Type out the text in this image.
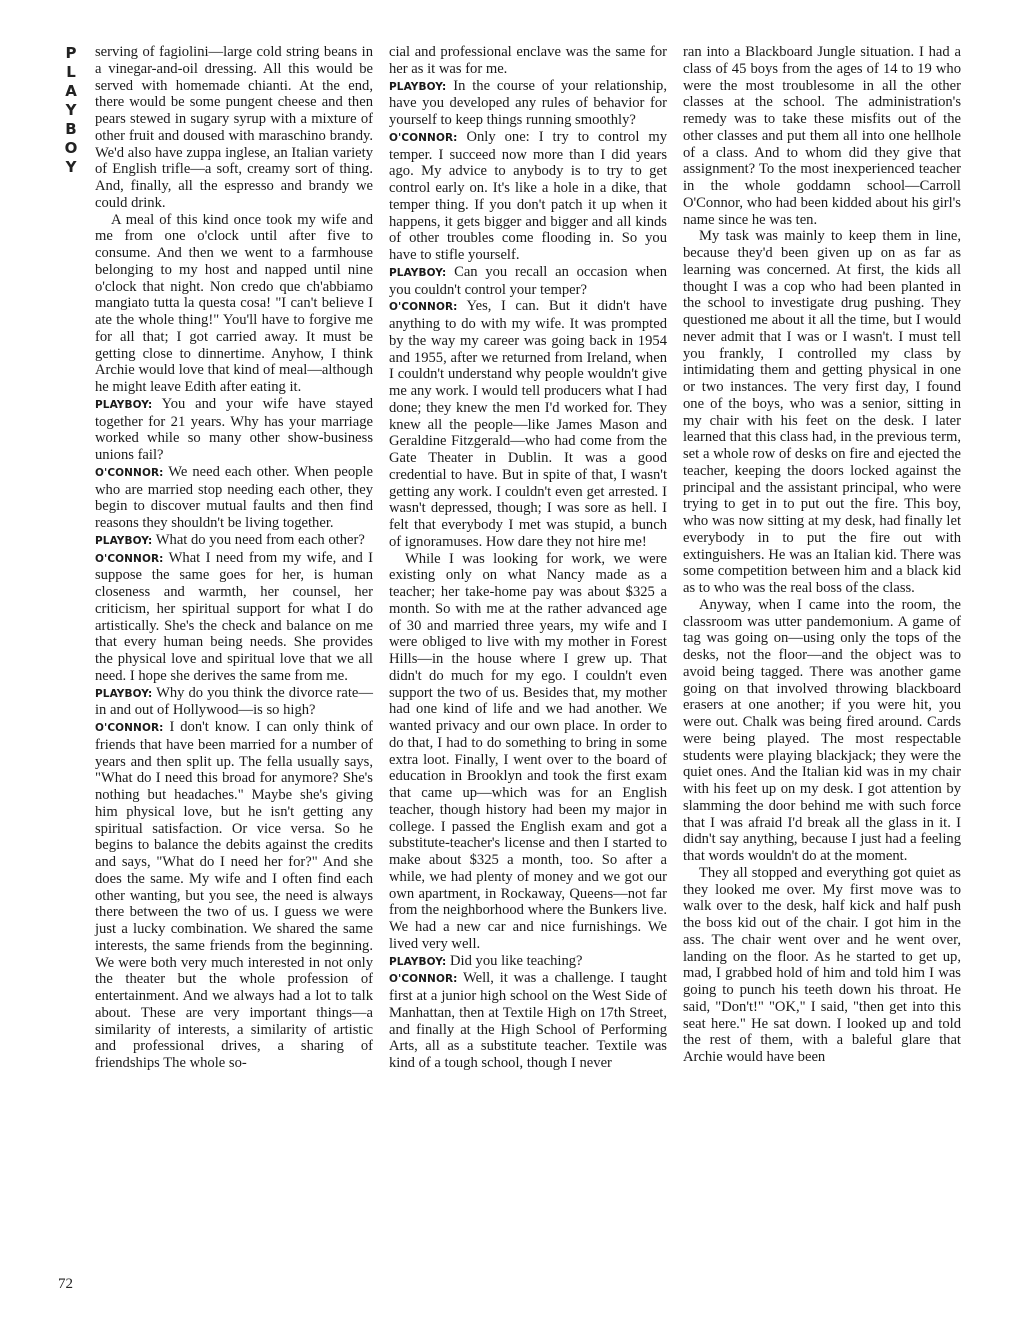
P
L
A
Y
B
O
Y
72

serving of fagiolini—large cold string beans in a vinegar-and-oil dressing. All this would be served with homemade chianti. At the end, there would be some pungent cheese and then pears stewed in sugary syrup with a mixture of other fruit and doused with maraschino brandy. We'd also have zuppa inglese, an Italian variety of English trifle—a soft, creamy sort of thing. And, finally, all the espresso and brandy we could drink.

A meal of this kind once took my wife and me from one o'clock until after five to consume. And then we went to a farmhouse belonging to my host and napped until nine o'clock that night. Non credo que ch'abbiamo mangiato tutta la questa cosa! "I can't believe I ate the whole thing!" You'll have to forgive me for all that; I got carried away. It must be getting close to dinnertime. Anyhow, I think Archie would love that kind of meal—although he might leave Edith after eating it.

PLAYBOY: You and your wife have stayed together for 21 years. Why has your marriage worked while so many other show-business unions fail?

O'CONNOR: We need each other. When people who are married stop needing each other, they begin to discover mutual faults and then find reasons they shouldn't be living together.

PLAYBOY: What do you need from each other?

O'CONNOR: What I need from my wife, and I suppose the same goes for her, is human closeness and warmth, her counsel, her criticism, her spiritual support for what I do artistically. She's the check and balance on me that every human being needs. She provides the physical love and spiritual love that we all need. I hope she derives the same from me.

PLAYBOY: Why do you think the divorce rate—in and out of Hollywood—is so high?

O'CONNOR: I don't know. I can only think of friends that have been married for a number of years and then split up. The fella usually says, "What do I need this broad for anymore? She's nothing but headaches." Maybe she's giving him physical love, but he isn't getting any spiritual satisfaction. Or vice versa. So he begins to balance the debits against the credits and says, "What do I need her for?" And she does the same. My wife and I often find each other wanting, but you see, the need is always there between the two of us. I guess we were just a lucky combination. We shared the same interests, the same friends from the beginning. We were both very much interested in not only the theater but the whole profession of entertainment. And we always had a lot to talk about. These are very important things—a similarity of interests, a similarity of artistic and professional drives, a sharing of friendships The whole so-

cial and professional enclave was the same for her as it was for me.

PLAYBOY: In the course of your relationship, have you developed any rules of behavior for yourself to keep things running smoothly?

O'CONNOR: Only one: I try to control my temper. I succeed now more than I did years ago. My advice to anybody is to try to get control early on. It's like a hole in a dike, that temper thing. If you don't patch it up when it happens, it gets bigger and bigger and all kinds of other troubles come flooding in. So you have to stifle yourself.

PLAYBOY: Can you recall an occasion when you couldn't control your temper?

O'CONNOR: Yes, I can. But it didn't have anything to do with my wife. It was prompted by the way my career was going back in 1954 and 1955, after we returned from Ireland, when I couldn't understand why people wouldn't give me any work. I would tell producers what I had done; they knew the men I'd worked for. They knew all the people—like James Mason and Geraldine Fitzgerald—who had come from the Gate Theater in Dublin. It was a good credential to have. But in spite of that, I wasn't getting any work. I couldn't even get arrested. I wasn't depressed, though; I was sore as hell. I felt that everybody I met was stupid, a bunch of ignoramuses. How dare they not hire me!

While I was looking for work, we were existing only on what Nancy made as a teacher; her take-home pay was about $325 a month. So with me at the rather advanced age of 30 and married three years, my wife and I were obliged to live with my mother in Forest Hills—in the house where I grew up. That didn't do much for my ego. I couldn't even support the two of us. Besides that, my mother had one kind of life and we had another. We wanted privacy and our own place. In order to do that, I had to do something to bring in some extra loot. Finally, I went over to the board of education in Brooklyn and took the first exam that came up—which was for an English teacher, though history had been my major in college. I passed the English exam and got a substitute-teacher's license and then I started to make about $325 a month, too. So after a while, we had plenty of money and we got our own apartment, in Rockaway, Queens—not far from the neighborhood where the Bunkers live. We had a new car and nice furnishings. We lived very well.

PLAYBOY: Did you like teaching?

O'CONNOR: Well, it was a challenge. I taught first at a junior high school on the West Side of Manhattan, then at Textile High on 17th Street, and finally at the High School of Performing Arts, all as a substitute teacher. Textile was kind of a tough school, though I never

ran into a Blackboard Jungle situation. I had a class of 45 boys from the ages of 14 to 19 who were the most troublesome in all the other classes at the school. The administration's remedy was to take these misfits out of the other classes and put them all into one hellhole of a class. And to whom did they give that assignment? To the most inexperienced teacher in the whole goddamn school—Carroll O'Connor, who had been kidded about his girl's name since he was ten.

My task was mainly to keep them in line, because they'd been given up on as far as learning was concerned. At first, the kids all thought I was a cop who had been planted in the school to investigate drug pushing. They questioned me about it all the time, but I would never admit that I was or I wasn't. I must tell you frankly, I controlled my class by intimidating them and getting physical in one or two instances. The very first day, I found one of the boys, who was a senior, sitting in my chair with his feet on the desk. I later learned that this class had, in the previous term, set a whole row of desks on fire and ejected the teacher, keeping the doors locked against the principal and the assistant principal, who were trying to get in to put out the fire. This boy, who was now sitting at my desk, had finally let everybody in to put the fire out with extinguishers. He was an Italian kid. There was some competition between him and a black kid as to who was the real boss of the class.

Anyway, when I came into the room, the classroom was utter pandemonium. A game of tag was going on—using only the tops of the desks, not the floor—and the object was to avoid being tagged. There was another game going on that involved throwing blackboard erasers at one another; if you were hit, you were out. Chalk was being fired around. Cards were being played. The most respectable students were playing blackjack; they were the quiet ones. And the Italian kid was in my chair with his feet up on my desk. I got attention by slamming the door behind me with such force that I was afraid I'd break all the glass in it. I didn't say anything, because I just had a feeling that words wouldn't do at the moment.

They all stopped and everything got quiet as they looked me over. My first move was to walk over to the desk, half kick and half push the boss kid out of the chair. I got him in the ass. The chair went over and he went over, landing on the floor. As he started to get up, mad, I grabbed hold of him and told him I was going to punch his teeth down his throat. He said, "Don't!" "OK," I said, "then get into this seat here." He sat down. I looked up and told the rest of them, with a baleful glare that Archie would have been
